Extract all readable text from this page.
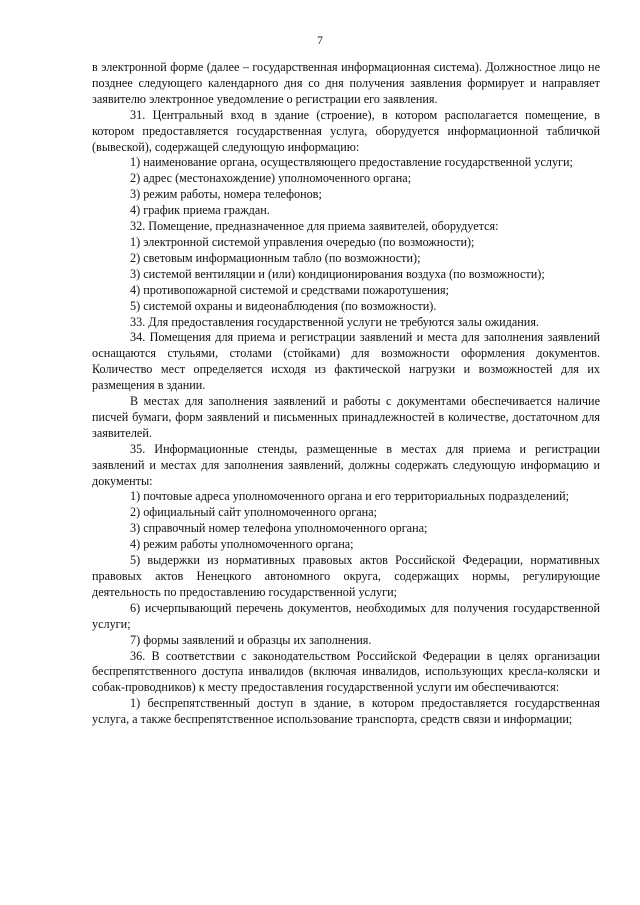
7

в электронной форме (далее – государственная информационная система). Должностное лицо не позднее следующего календарного дня со дня получения заявления формирует и направляет заявителю электронное уведомление о регистрации его заявления.

31. Центральный вход в здание (строение), в котором располагается помещение, в котором предоставляется государственная услуга, оборудуется информационной табличкой (вывеской), содержащей следующую информацию:

1) наименование органа, осуществляющего предоставление государственной услуги;

2) адрес (местонахождение) уполномоченного органа;

3) режим работы, номера телефонов;

4) график приема граждан.

32. Помещение, предназначенное для приема заявителей, оборудуется:

1) электронной системой управления очередью (по возможности);

2) световым информационным табло (по возможности);

3) системой вентиляции и (или) кондиционирования воздуха (по возможности);

4) противопожарной системой и средствами пожаротушения;

5) системой охраны и видеонаблюдения (по возможности).

33. Для предоставления государственной услуги не требуются залы ожидания.

34. Помещения для приема и регистрации заявлений и места для заполнения заявлений оснащаются стульями, столами (стойками) для возможности оформления документов. Количество мест определяется исходя из фактической нагрузки и возможностей для их размещения в здании.

В местах для заполнения заявлений и работы с документами обеспечивается наличие писчей бумаги, форм заявлений и письменных принадлежностей в количестве, достаточном для заявителей.

35. Информационные стенды, размещенные в местах для приема и регистрации заявлений и местах для заполнения заявлений, должны содержать следующую информацию и документы:

1) почтовые адреса уполномоченного органа и его территориальных подразделений;

2) официальный сайт уполномоченного органа;

3) справочный номер телефона уполномоченного органа;

4) режим работы уполномоченного органа;

5) выдержки из нормативных правовых актов Российской Федерации, нормативных правовых актов Ненецкого автономного округа, содержащих нормы, регулирующие деятельность по предоставлению государственной услуги;

6) исчерпывающий перечень документов, необходимых для получения государственной услуги;

7) формы заявлений и образцы их заполнения.

36. В соответствии с законодательством Российской Федерации в целях организации беспрепятственного доступа инвалидов (включая инвалидов, использующих кресла-коляски и собак-проводников) к месту предоставления государственной услуги им обеспечиваются:

1) беспрепятственный доступ в здание, в котором предоставляется государственная услуга, а также беспрепятственное использование транспорта, средств связи и информации;
